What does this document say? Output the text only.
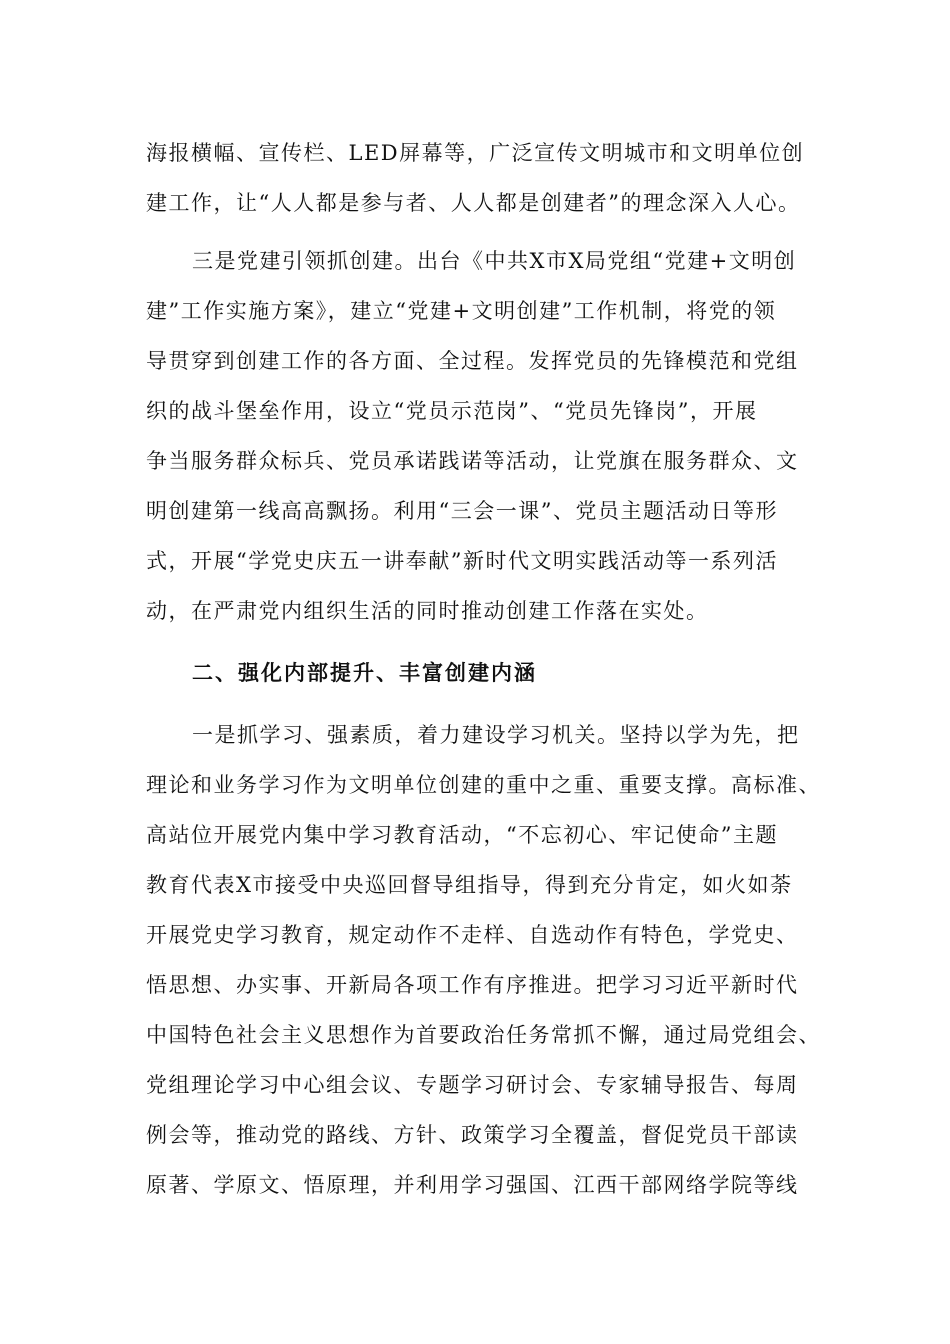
海报横幅、宣传栏、LED屏幕等，广泛宣传文明城市和文明单位创
建工作，让“人人都是参与者、人人都是创建者”的理念深入人心。
三是党建引领抓创建。出台《中共X市X局党组“党建+文明创
建”工作实施方案》，建立“党建+文明创建”工作机制，将党的领
导贯穿到创建工作的各方面、全过程。发挥党员的先锋模范和党组
织的战斗堡垒作用，设立“党员示范岗”、“党员先锋岗”，开展
争当服务群众标兵、党员承诺践诺等活动，让党旗在服务群众、文
明创建第一线高高飘扬。利用“三会一课”、党员主题活动日等形
式，开展“学党史庆五一讲奉献”新时代文明实践活动等一系列活
动，在严肃党内组织生活的同时推动创建工作落在实处。
二、强化内部提升、丰富创建内涵
一是抓学习、强素质，着力建设学习机关。坚持以学为先，把
理论和业务学习作为文明单位创建的重中之重、重要支撑。高标准、
高站位开展党内集中学习教育活动，“不忘初心、牢记使命”主题
教育代表X市接受中央巡回督导组指导，得到充分肯定，如火如荼
开展党史学习教育，规定动作不走样、自选动作有特色，学党史、
悟思想、办实事、开新局各项工作有序推进。把学习习近平新时代
中国特色社会主义思想作为首要政治任务常抓不懈，通过局党组会、
党组理论学习中心组会议、专题学习研讨会、专家辅导报告、每周
例会等，推动党的路线、方针、政策学习全覆盖，督促党员干部读
原著、学原文、悟原理，并利用学习强国、江西干部网络学院等线
